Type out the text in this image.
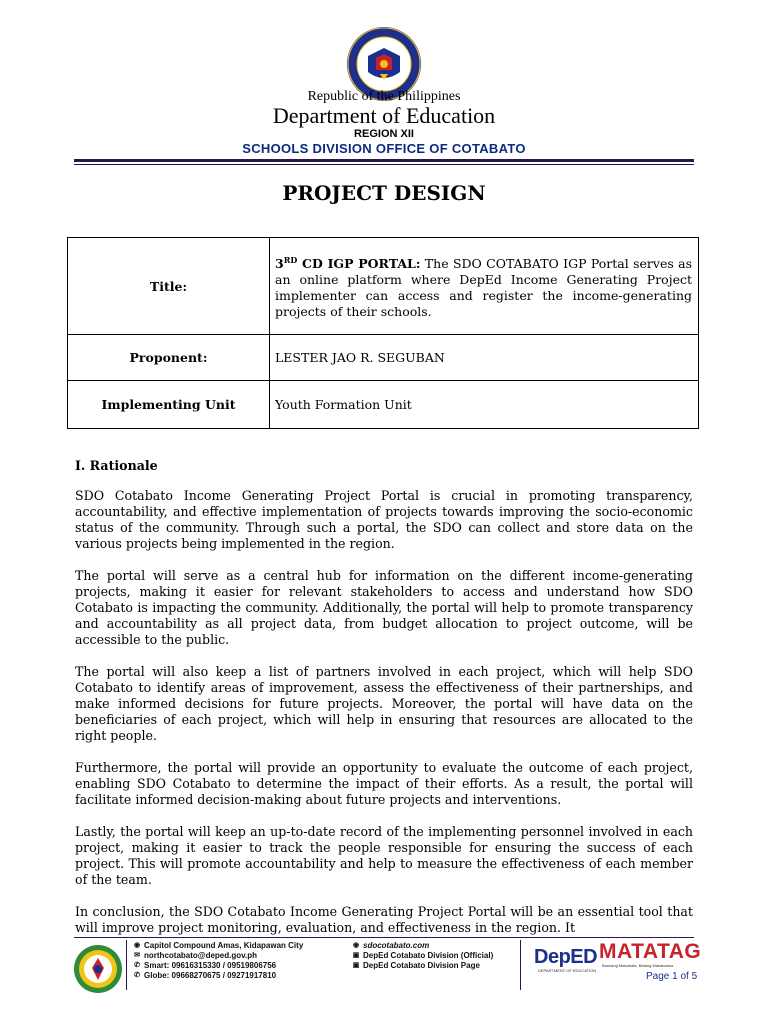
Republic of the Philippines
Department of Education
REGION XII
SCHOOLS DIVISION OFFICE OF COTABATO
PROJECT DESIGN
Title:	3RD CD IGP PORTAL: The SDO COTABATO IGP Portal serves as an online platform where DepEd Income Generating Project implementer can access and register the income-generating projects of their schools.
Proponent:	LESTER JAO R. SEGUBAN
Implementing Unit	Youth Formation Unit
I. Rationale

SDO Cotabato Income Generating Project Portal is crucial in promoting transparency, accountability, and effective implementation of projects towards improving the socio-economic status of the community. Through such a portal, the SDO can collect and store data on the various projects being implemented in the region.

The portal will serve as a central hub for information on the different income-generating projects, making it easier for relevant stakeholders to access and understand how SDO Cotabato is impacting the community. Additionally, the portal will help to promote transparency and accountability as all project data, from budget allocation to project outcome, will be accessible to the public.

The portal will also keep a list of partners involved in each project, which will help SDO Cotabato to identify areas of improvement, assess the effectiveness of their partnerships, and make informed decisions for future projects. Moreover, the portal will have data on the beneficiaries of each project, which will help in ensuring that resources are allocated to the right people.

Furthermore, the portal will provide an opportunity to evaluate the outcome of each project, enabling SDO Cotabato to determine the impact of their efforts. As a result, the portal will facilitate informed decision-making about future projects and interventions.

Lastly, the portal will keep an up-to-date record of the implementing personnel involved in each project, making it easier to track the people responsible for ensuring the success of each project. This will promote accountability and help to measure the effectiveness of each member of the team.

In conclusion, the SDO Cotabato Income Generating Project Portal will be an essential tool that will improve project monitoring, evaluation, and effectiveness in the region. It

◉ Capitol Compound Amas, Kidapawan City
✉ northcotabato@deped.gov.ph
✆ Smart: 09616315330 / 09519806756
✆ Globe: 09668270675 / 09271917810
◉ sdocotabato.com
▣ DepEd Cotabato Division (Official)
▣ DepEd Cotabato Division Page	DepED
DEPARTMENT OF EDUCATION
MATATAG
Bansang Makabata, Batang Makabansa
Page 1 of 5
